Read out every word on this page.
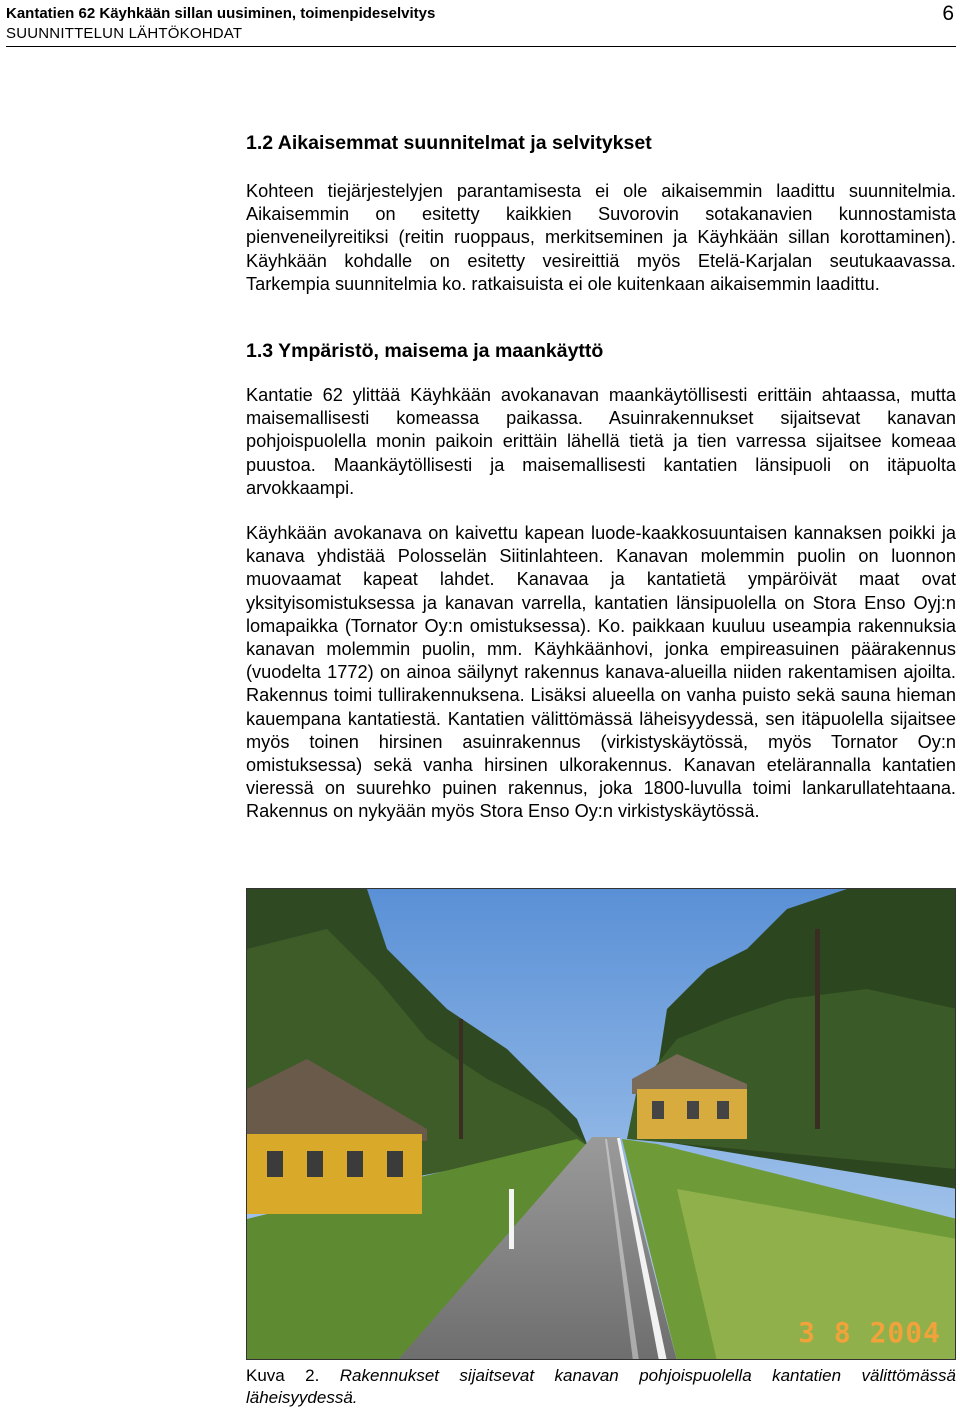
Kantatien 62 Käyhkään sillan uusiminen, toimenpideselvitys
SUUNNITTELUN LÄHTÖKOHDAT
6
1.2 Aikaisemmat suunnitelmat ja selvitykset

Kohteen tiejärjestelyjen parantamisesta ei ole aikaisemmin laadittu suunnitelmia. Aikaisemmin on esitetty kaikkien Suvorovin sotakanavien kunnostamista pienveneilyreitiksi (reitin ruoppaus, merkitseminen ja Käyhkään sillan korottaminen). Käyhkään kohdalle on esitetty vesireittiä myös Etelä-Karjalan seutukaavassa. Tarkempia suunnitelmia ko. ratkaisuista ei ole kuitenkaan aikaisemmin laadittu.

1.3 Ympäristö, maisema ja maankäyttö

Kantatie 62 ylittää Käyhkään avokanavan maankäytöllisesti erittäin ahtaassa, mutta maisemallisesti komeassa paikassa. Asuinrakennukset sijaitsevat kanavan pohjoispuolella monin paikoin erittäin lähellä tietä ja tien varressa sijaitsee komeaa puustoa. Maankäytöllisesti ja maisemallisesti kantatien länsipuoli on itäpuolta arvokkaampi.

Käyhkään avokanava on kaivettu kapean luode-kaakkosuuntaisen kannaksen poikki ja kanava yhdistää Polosselän Siitinlahteen. Kanavan molemmin puolin on luonnon muovaamat kapeat lahdet. Kanavaa ja kantatietä ympäröivät maat ovat yksityisomistuksessa ja kanavan varrella, kantatien länsipuolella on Stora Enso Oyj:n lomapaikka (Tornator Oy:n omistuksessa). Ko. paikkaan kuuluu useampia rakennuksia kanavan molemmin puolin, mm. Käyhkäänhovi, jonka empireasuinen päärakennus (vuodelta 1772) on ainoa säilynyt rakennus kanava-alueilla niiden rakentamisen ajoilta. Rakennus toimi tullirakennuksena. Lisäksi alueella on vanha puisto sekä sauna hieman kauempana kantatiestä. Kantatien välittömässä läheisyydessä, sen itäpuolella sijaitsee myös toinen hirsinen asuinrakennus (virkistyskäytössä, myös Tornator Oy:n omistuksessa) sekä vanha hirsinen ulkorakennus. Kanavan etelärannalla kantatien vieressä on suurehko puinen rakennus, joka 1800-luvulla toimi lankarullatehtaana. Rakennus on nykyään myös Stora Enso Oy:n virkistyskäytössä.

3 8 2004
Kuva 2. Rakennukset sijaitsevat kanavan pohjoispuolella kantatien välittömässä läheisyydessä.
